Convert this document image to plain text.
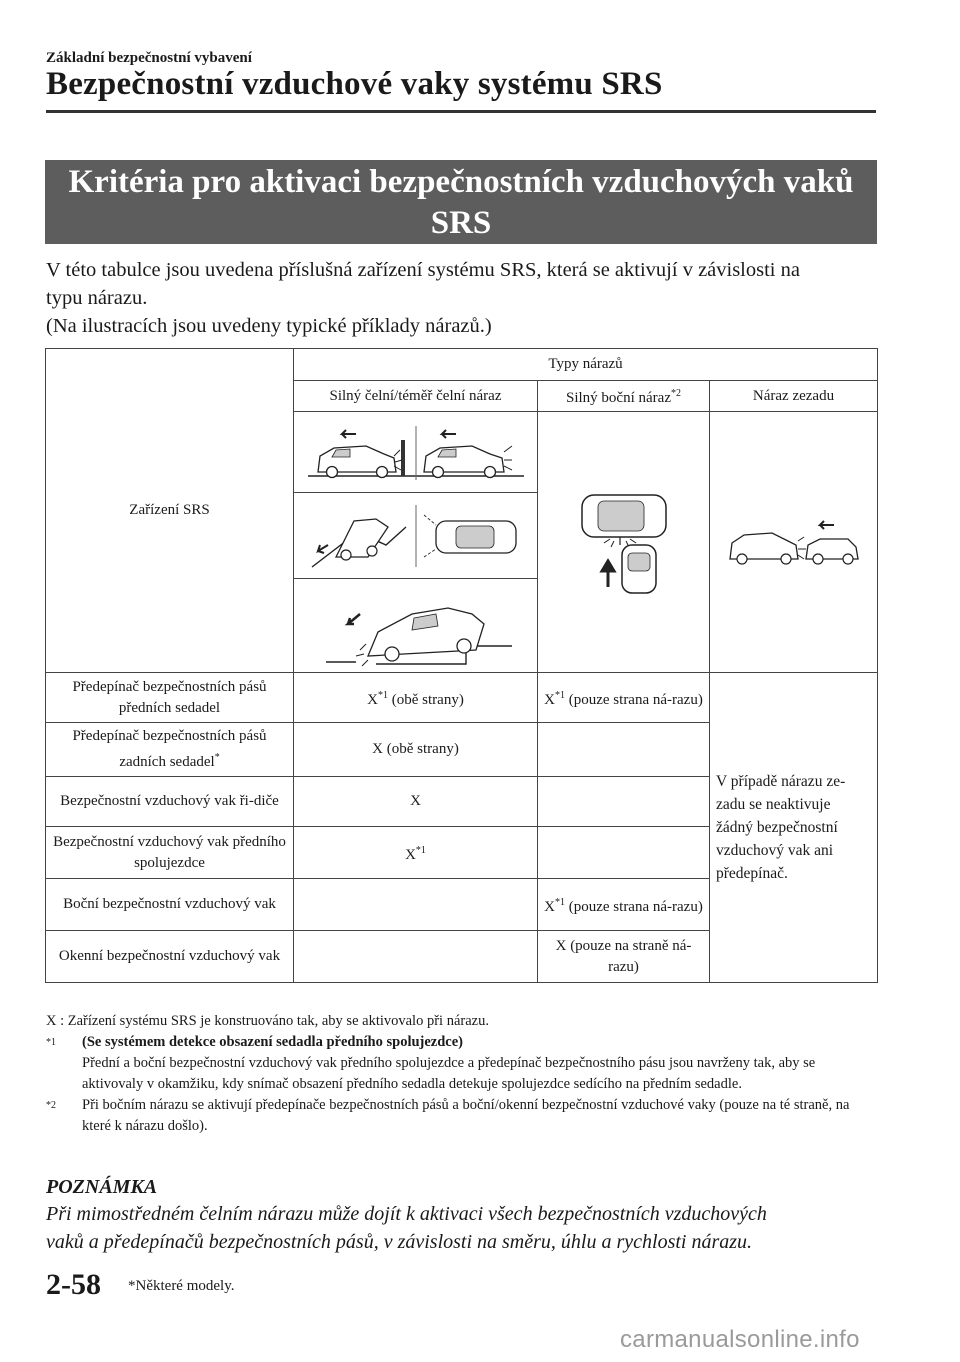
Základní bezpečnostní vybavení
Bezpečnostní vzduchové vaky systému SRS
Kritéria pro aktivaci bezpečnostních vzduchových vaků
SRS
V této tabulce jsou uvedena příslušná zařízení systému SRS, která se aktivují v závislosti na
typu nárazu.
(Na ilustracích jsou uvedeny typické příklady nárazů.)
Zařízení SRS	Typy nárazů		
	Silný čelní/téměř čelní náraz	Silný boční náraz$^{*2}$	Náraz zezadu

Předepínač bezpečnostních pásů předních sedadel	$X^{*1}$ (obě strany)	$X^{*1}$ (pouze strana ná-razu)	V případě nárazu ze-zadu se neaktivuje žádný bezpečnostní vzduchový vak ani předepínač.
Předepínač bezpečnostních pásů zadních sedadel*	X (obě strany)		
Bezpečnostní vzduchový vak ři-diče	X		
Bezpečnostní vzduchový vak předního spolujezdce	$X^{*1}$	
Boční bezpečnostní vzduchový vak		$X^{*1}$ (pouze strana ná-razu)	
Okenní bezpečnostní vzduchový vak		X (pouze na straně ná-razu)	
X : Zařízení systému SRS je konstruováno tak, aby se aktivovalo při nárazu.
*1 (Se systémem detekce obsazení sedadla předního spolujezdce)
Přední a boční bezpečnostní vzduchový vak předního spolujezdce a předepínač bezpečnostního pásu jsou navrženy tak, aby se aktivovaly v okamžiku, kdy snímač obsazení předního sedadla detekuje spolujezdce sedícího na předním sedadle.
*2 Při bočním nárazu se aktivují předepínače bezpečnostních pásů a boční/okenní bezpečnostní vzduchové vaky (pouze na té straně, na které k nárazu došlo).
POZNÁMKA
Při mimostředném čelním nárazu může dojít k aktivaci všech bezpečnostních vzduchových
vaků a předepínačů bezpečnostních pásů, v závislosti na směru, úhlu a rychlosti nárazu.
2-58 *Některé modely.
carmanualsonline.info
